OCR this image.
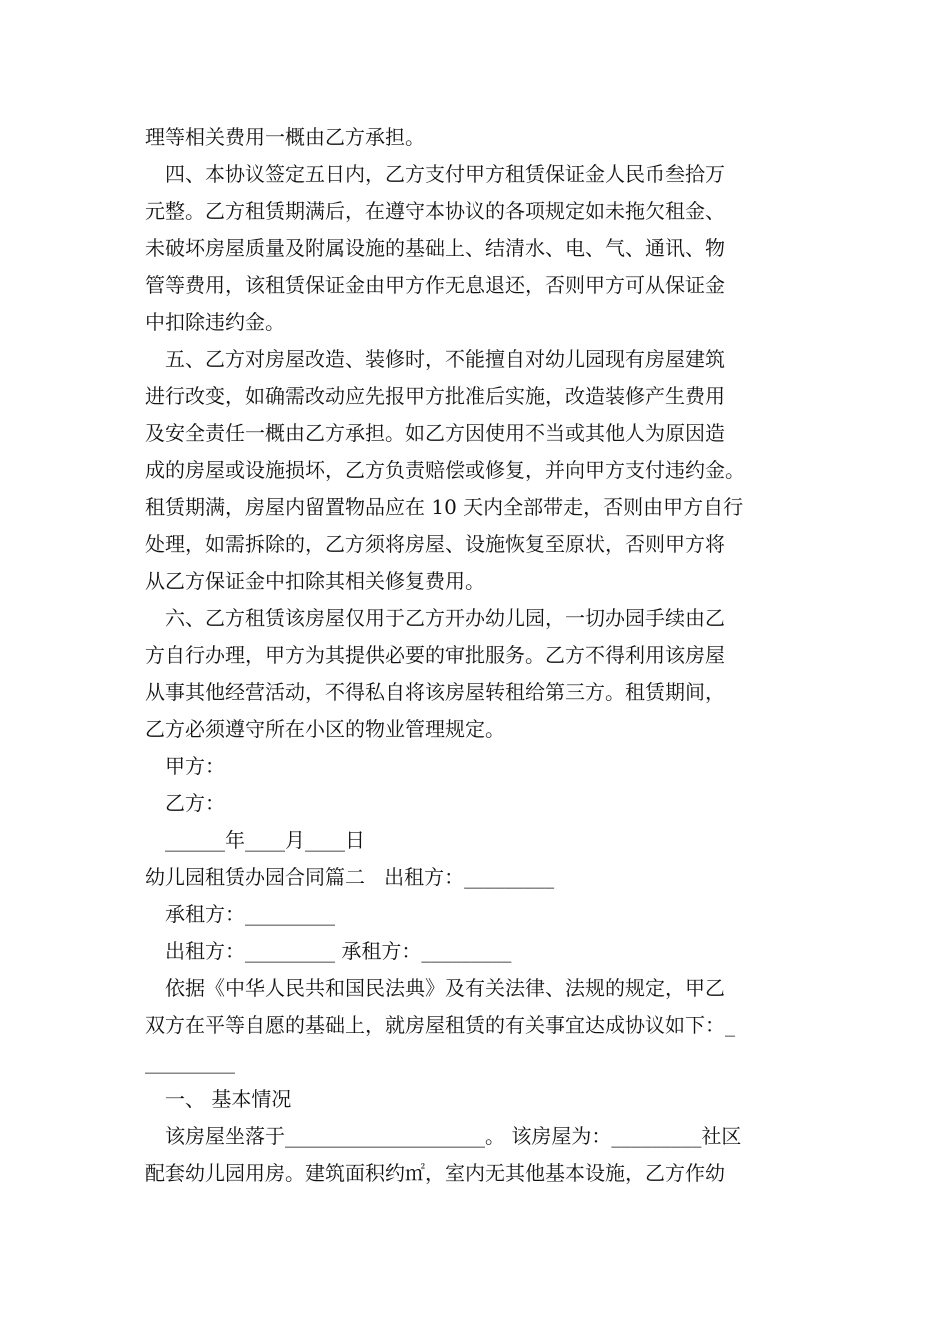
理等相关费用一概由乙方承担。
四、本协议签定五日内，乙方支付甲方租赁保证金人民币叁拾万
元整。乙方租赁期满后，在遵守本协议的各项规定如未拖欠租金、
未破坏房屋质量及附属设施的基础上、结清水、电、气、通讯、物
管等费用，该租赁保证金由甲方作无息退还，否则甲方可从保证金
中扣除违约金。
五、乙方对房屋改造、装修时，不能擅自对幼儿园现有房屋建筑
进行改变，如确需改动应先报甲方批准后实施，改造装修产生费用
及安全责任一概由乙方承担。如乙方因使用不当或其他人为原因造
成的房屋或设施损坏，乙方负责赔偿或修复，并向甲方支付违约金。
租赁期满，房屋内留置物品应在 10 天内全部带走，否则由甲方自行
处理，如需拆除的，乙方须将房屋、设施恢复至原状，否则甲方将
从乙方保证金中扣除其相关修复费用。
六、乙方租赁该房屋仅用于乙方开办幼儿园，一切办园手续由乙
方自行办理，甲方为其提供必要的审批服务。乙方不得利用该房屋
从事其他经营活动，不得私自将该房屋转租给第三方。租赁期间，
乙方必须遵守所在小区的物业管理规定。
甲方：
乙方：
______年____月____日
幼儿园租赁办园合同篇二   出租方：_________
承租方：_________
出租方：_________ 承租方：_________
依据《中华人民共和国民法典》及有关法律、法规的规定，甲乙
双方在平等自愿的基础上，就房屋租赁的有关事宜达成协议如下：_
_________
一、 基本情况
该房屋坐落于____________________。 该房屋为：_________社区
配套幼儿园用房。建筑面积约㎡，室内无其他基本设施，乙方作幼
